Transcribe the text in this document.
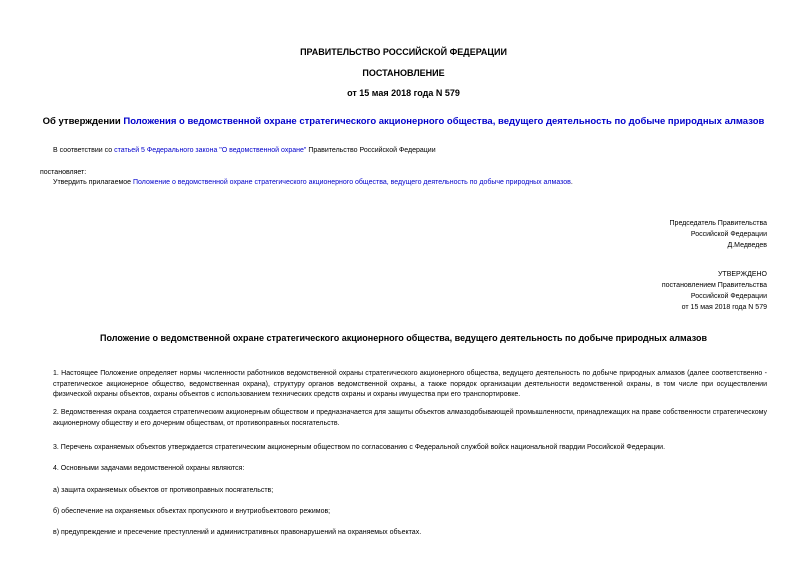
ПРАВИТЕЛЬСТВО РОССИЙСКОЙ ФЕДЕРАЦИИ
ПОСТАНОВЛЕНИЕ
от 15 мая 2018 года N 579
Об утверждении Положения о ведомственной охране стратегического акционерного общества, ведущего деятельность по добыче природных алмазов
В соответствии со статьей 5 Федерального закона "О ведомственной охране" Правительство Российской Федерации
постановляет:
Утвердить прилагаемое Положение о ведомственной охране стратегического акционерного общества, ведущего деятельность по добыче природных алмазов.
Председатель Правительства
Российской Федерации
Д.Медведев
УТВЕРЖДЕНО
постановлением Правительства
Российской Федерации
от 15 мая 2018 года N 579
Положение о ведомственной охране стратегического акционерного общества, ведущего деятельность по добыче природных алмазов
1. Настоящее Положение определяет нормы численности работников ведомственной охраны стратегического акционерного общества, ведущего деятельность по добыче природных алмазов (далее соответственно - стратегическое акционерное общество, ведомственная охрана), структуру органов ведомственной охраны, а также порядок организации деятельности ведомственной охраны, в том числе при осуществлении физической охраны объектов, охраны объектов с использованием технических средств охраны и охраны имущества при его транспортировке.
2. Ведомственная охрана создается стратегическим акционерным обществом и предназначается для защиты объектов алмазодобывающей промышленности, принадлежащих на праве собственности стратегическому акционерному обществу и его дочерним обществам, от противоправных посягательств.
3. Перечень охраняемых объектов утверждается стратегическим акционерным обществом по согласованию с Федеральной службой войск национальной гвардии Российской Федерации.
4. Основными задачами ведомственной охраны являются:
а) защита охраняемых объектов от противоправных посягательств;
б) обеспечение на охраняемых объектах пропускного и внутриобъектового режимов;
в) предупреждение и пресечение преступлений и административных правонарушений на охраняемых объектах.
